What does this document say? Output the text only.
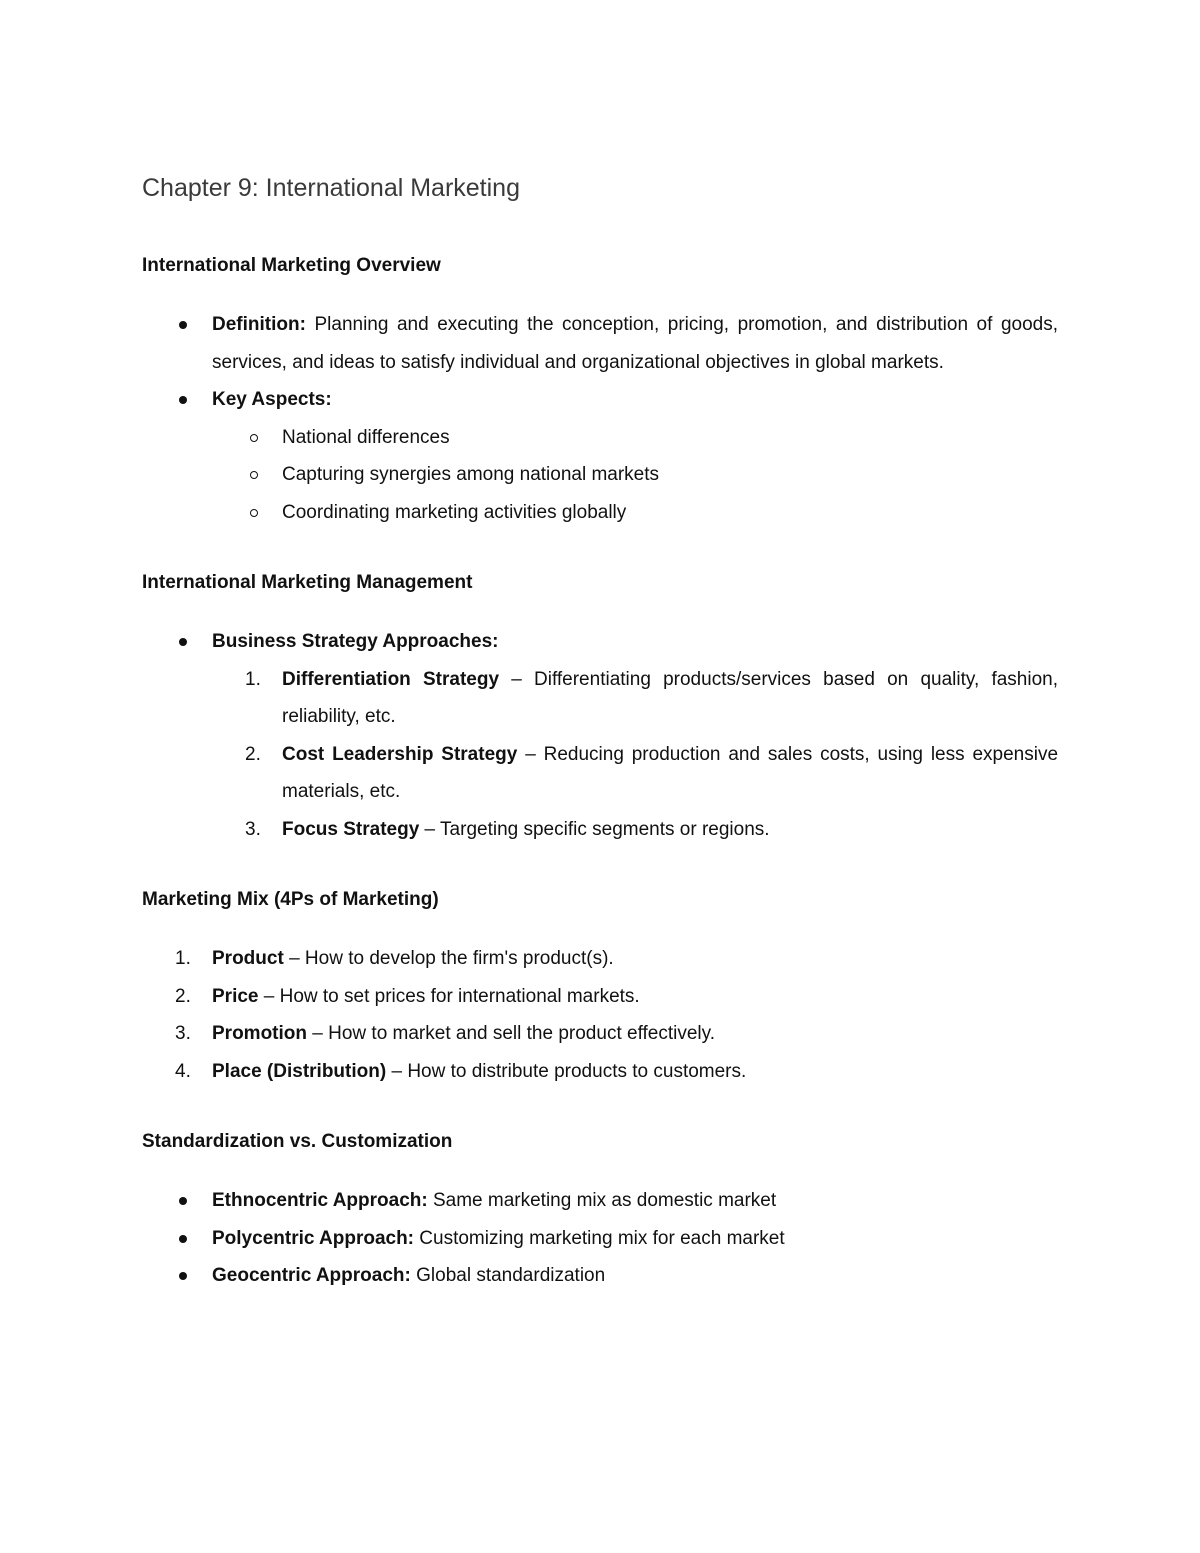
Chapter 9: International Marketing
International Marketing Overview
Definition: Planning and executing the conception, pricing, promotion, and distribution of goods, services, and ideas to satisfy individual and organizational objectives in global markets.
Key Aspects:
National differences
Capturing synergies among national markets
Coordinating marketing activities globally
International Marketing Management
Business Strategy Approaches:
1. Differentiation Strategy – Differentiating products/services based on quality, fashion, reliability, etc.
2. Cost Leadership Strategy – Reducing production and sales costs, using less expensive materials, etc.
3. Focus Strategy – Targeting specific segments or regions.
Marketing Mix (4Ps of Marketing)
1. Product – How to develop the firm's product(s).
2. Price – How to set prices for international markets.
3. Promotion – How to market and sell the product effectively.
4. Place (Distribution) – How to distribute products to customers.
Standardization vs. Customization
Ethnocentric Approach: Same marketing mix as domestic market
Polycentric Approach: Customizing marketing mix for each market
Geocentric Approach: Global standardization
